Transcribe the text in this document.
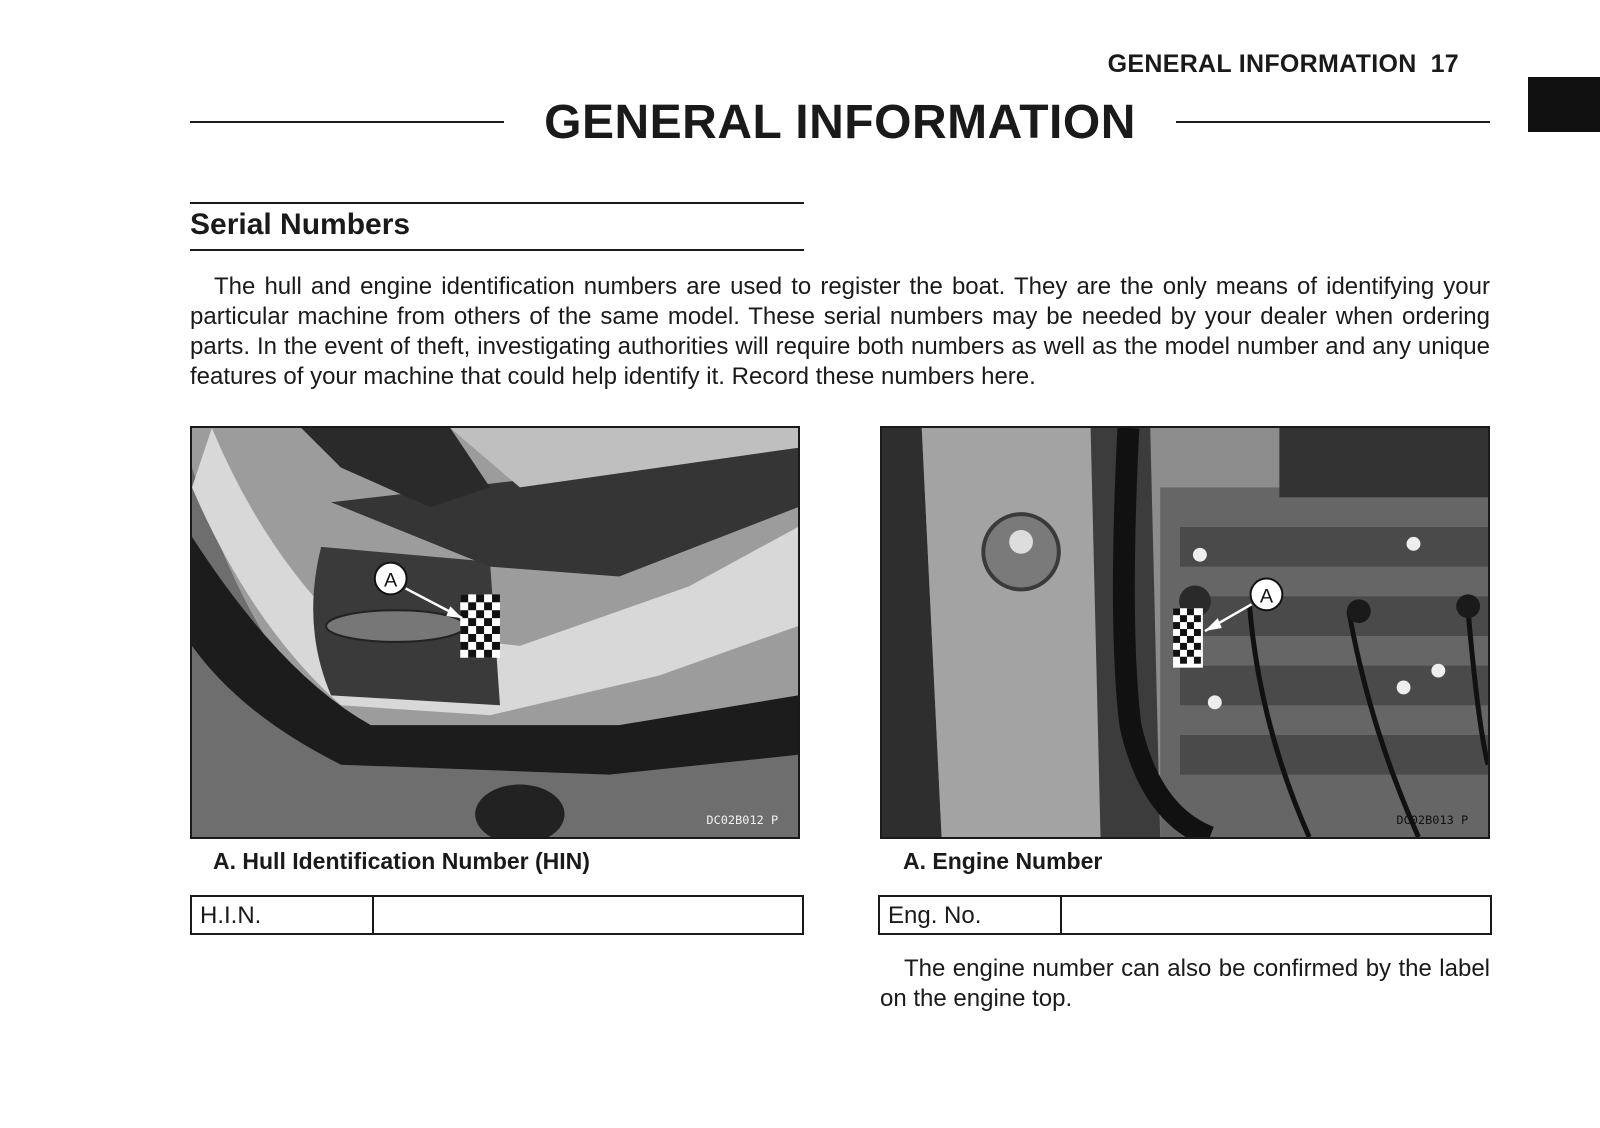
GENERAL INFORMATION 17
GENERAL INFORMATION
Serial Numbers

The hull and engine identification numbers are used to register the boat. They are the only means of identifying your particular machine from others of the same model. These serial numbers may be needed by your dealer when ordering parts. In the event of theft, investigating authorities will require both numbers as well as the model number and any unique features of your machine that could help identify it. Record these numbers here.

A
DC02B012 P
A
DC02B013 P

A. Hull Identification Number (HIN)	A. Engine Number

H.I.N.	Eng. No.

The engine number can also be confirmed by the label on the engine top.
